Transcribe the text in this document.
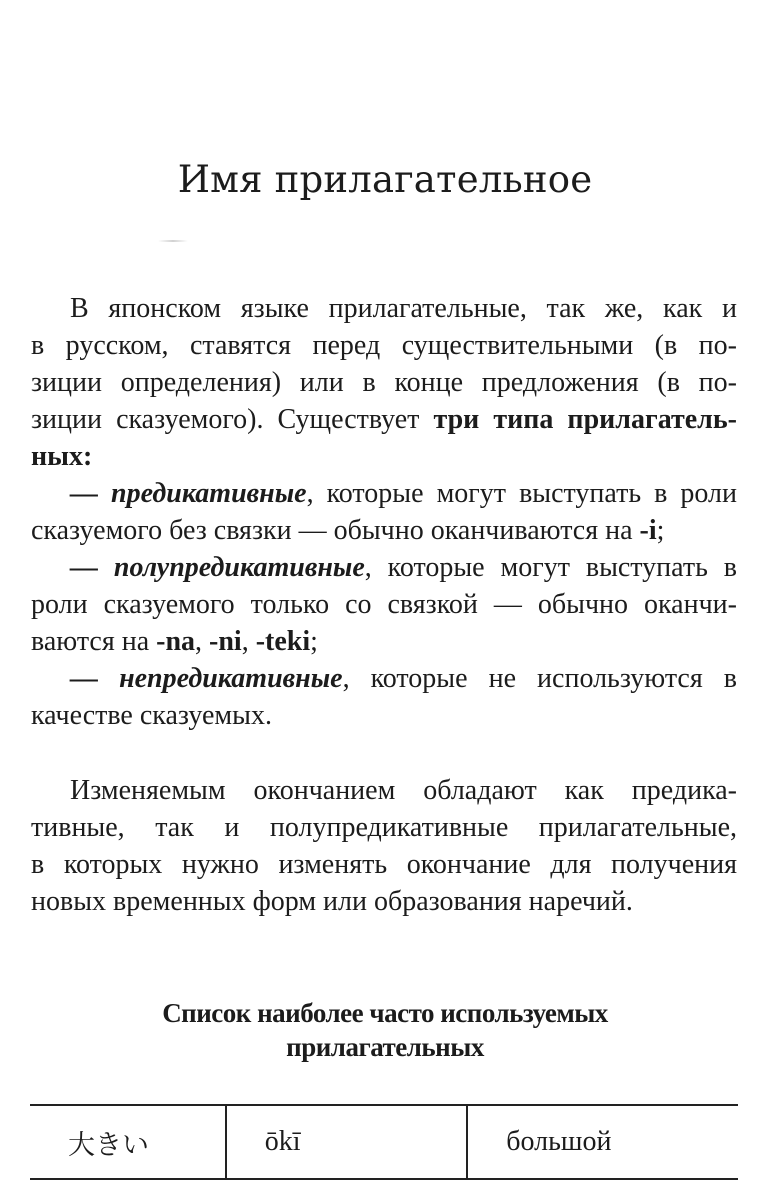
Имя прилагательное
В японском языке прилагательные, так же, как и
в русском, ставятся перед существительными (в по-
зиции определения) или в конце предложения (в по-
зиции сказуемого). Существует три типа прилагатель-
ных:
— предикативные, которые могут выступать в роли
сказуемого без связки — обычно оканчиваются на -i;
— полупредикативные, которые могут выступать в
роли сказуемого только со связкой — обычно оканчи-
ваются на -na, -ni, -teki;
— непредикативные, которые не используются в
качестве сказуемых.
Изменяемым окончанием обладают как предика-
тивные, так и полупредикативные прилагательные,
в которых нужно изменять окончание для получения
новых временных форм или образования наречий.
Список наиболее часто используемых
прилагательных
大きい	ōkī	большой
